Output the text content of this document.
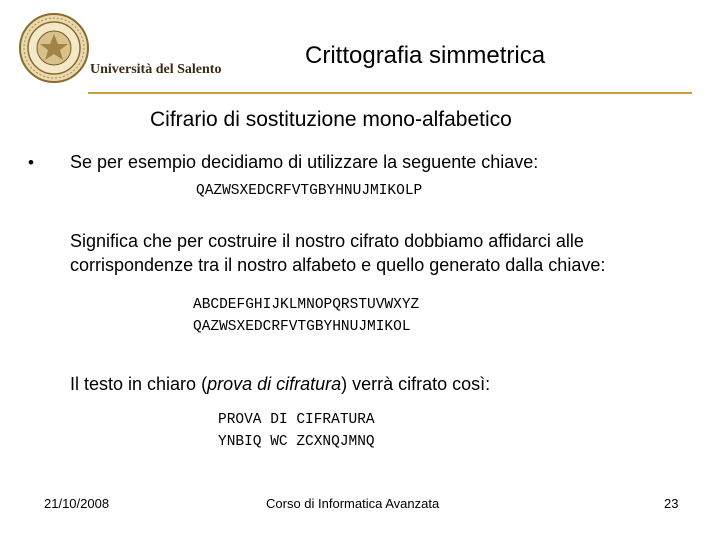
Università del Salento
Crittografia simmetrica
Cifrario di sostituzione mono-alfabetico
• Se per esempio decidiamo di utilizzare la seguente chiave:
QAZWSXEDCRFVTGBYHNUJMIKOLP
Significa che per costruire il nostro cifrato dobbiamo affidarci alle corrispondenze tra il nostro alfabeto e quello generato dalla chiave:
ABCDEFGHIJKLMNOPQRSTUVWXYZ
QAZWSXEDCRFVTGBYHNUJMIKOL
Il testo in chiaro (prova di cifratura) verrà cifrato così:
PROVA DI CIFRATURA
YNBIQ WC ZCXNQJMNQ
21/10/2008	Corso di Informatica Avanzata	23
